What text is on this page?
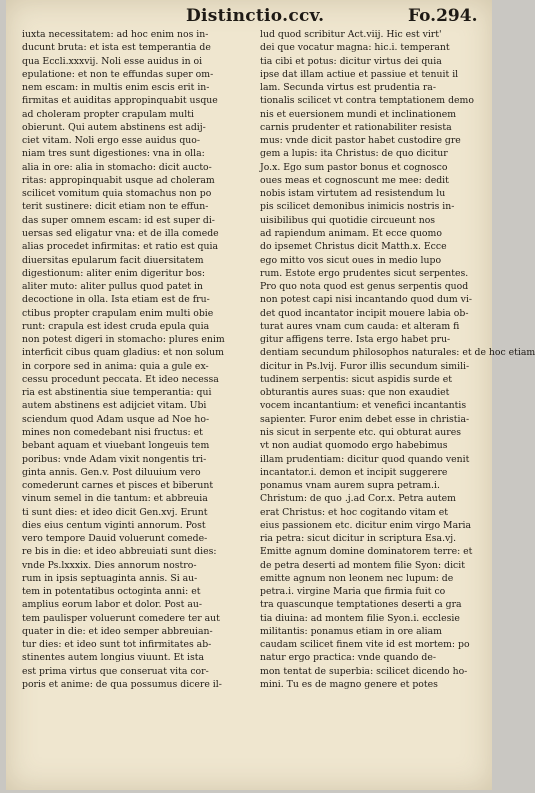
Distinctio.ccv.	Fo.294.
iuxta necessitatem: ad hoc enim nos in-
ducunt bruta: et ista est temperantia de
qua Eccli.xxxvij. Noli esse auidus in oi
epulatione: et non te effundas super om-
nem escam: in multis enim escis erit in-
firmitas et auiditas appropinquabit usque
ad choleram propter crapulam multi
obierunt. Qui autem abstinens est adij-
ciet vitam. Noli ergo esse auidus quo-
niam tres sunt digestiones: vna in olla:
alia in ore: alia in stomacho: dicit aucto-
ritas: appropinquabit usque ad choleram
scilicet vomitum quia stomachus non po
terit sustinere: dicit etiam non te effun-
das super omnem escam: id est super di-
uersas sed eligatur vna: et de illa comede
alias procedet infirmitas: et ratio est quia
diuersitas epularum facit diuersitatem
digestionum: aliter enim digeritur bos:
aliter muto: aliter pullus quod patet in
decoctione in olla. Ista etiam est de fru-
ctibus propter crapulam enim multi obie
runt: crapula est idest cruda epula quia
non potest digeri in stomacho: plures enim
interficit cibus quam gladius: et non solum
in corpore sed in anima: quia a gule ex-
cessu procedunt peccata. Et ideo necessa
ria est abstinentia siue temperantia: qui
autem abstinens est adijciet vitam. Ubi
sciendum quod Adam usque ad Noe ho-
mines non comedebant nisi fructus: et
bebant aquam et viuebant longeuis tem
poribus: vnde Adam vixit nongentis tri-
ginta annis. Gen.v. Post diluuium vero
comederunt carnes et pisces et biberunt
vinum semel in die tantum: et abbreuia
ti sunt dies: et ideo dicit Gen.xvj. Erunt
dies eius centum viginti annorum. Post
vero tempore Dauid voluerunt comede-
re bis in die: et ideo abbreuiati sunt dies:
vnde Ps.lxxxix. Dies annorum nostro-
rum in ipsis septuaginta annis. Si au-
tem in potentatibus octoginta anni: et
amplius eorum labor et dolor. Post au-
tem paulisper voluerunt comedere ter aut
quater in die: et ideo semper abbreuian-
tur dies: et ideo sunt tot infirmitates ab-
stinentes autem longius viuunt. Et ista
est prima virtus que conseruat vita cor-
poris et anime: de qua possumus dicere il-
lud quod scribitur Act.viij. Hic est virt'
dei que vocatur magna: hic.i. temperant
tia cibi et potus: dicitur virtus dei quia
ipse dat illam actiue et passiue et tenuit il
lam. Secunda virtus est prudentia ra-
tionalis scilicet vt contra temptationem demo
nis et euersionem mundi et inclinationem
carnis prudenter et rationabiliter resista
mus: vnde dicit pastor habet custodire gre
gem a lupis: ita Christus: de quo dicitur
Jo.x. Ego sum pastor bonus et cognosco
oues meas et cognoscunt me mee: dedit
nobis istam virtutem ad resistendum lu
pis scilicet demonibus inimicis nostris in-
uisibilibus qui quotidie circueunt nos
ad rapiendum animam. Et ecce quomo
do ipsemet Christus dicit Matth.x. Ecce
ego mitto vos sicut oues in medio lupo
rum. Estote ergo prudentes sicut serpentes.
Pro quo nota quod est genus serpentis quod
non potest capi nisi incantando quod dum vi-
det quod incantator incipit mouere labia ob-
turat aures vnam cum cauda: et alteram fi
gitur affigens terre. Ista ergo habet pru-
dentiam secundum philosophos naturales: et de hoc etiam
dicitur in Ps.lvij. Furor illis secundum simili-
tudinem serpentis: sicut aspidis surde et
obturantis aures suas: que non exaudiet
vocem incantantium: et venefici incantantis
sapienter. Furor enim debet esse in christia-
nis sicut in serpente etc. qui obturat aures
vt non audiat quomodo ergo habebimus
illam prudentiam: dicitur quod quando venit
incantator.i. demon et incipit suggerere
ponamus vnam aurem supra petram.i.
Christum: de quo .j.ad Cor.x. Petra autem
erat Christus: et hoc cogitando vitam et
eius passionem etc. dicitur enim virgo Maria
ria petra: sicut dicitur in scriptura Esa.vj.
Emitte agnum domine dominatorem terre: et
de petra deserti ad montem filie Syon: dicit
emitte agnum non leonem nec lupum: de
petra.i. virgine Maria que firmia fuit co
tra quascunque temptationes deserti a gra
tia diuina: ad montem filie Syon.i. ecclesie
militantis: ponamus etiam in ore aliam
caudam scilicet finem vite id est mortem: po
natur ergo practica: vnde quando de-
mon tentat de superbia: scilicet dicendo ho-
mini. Tu es de magno genere et potes
